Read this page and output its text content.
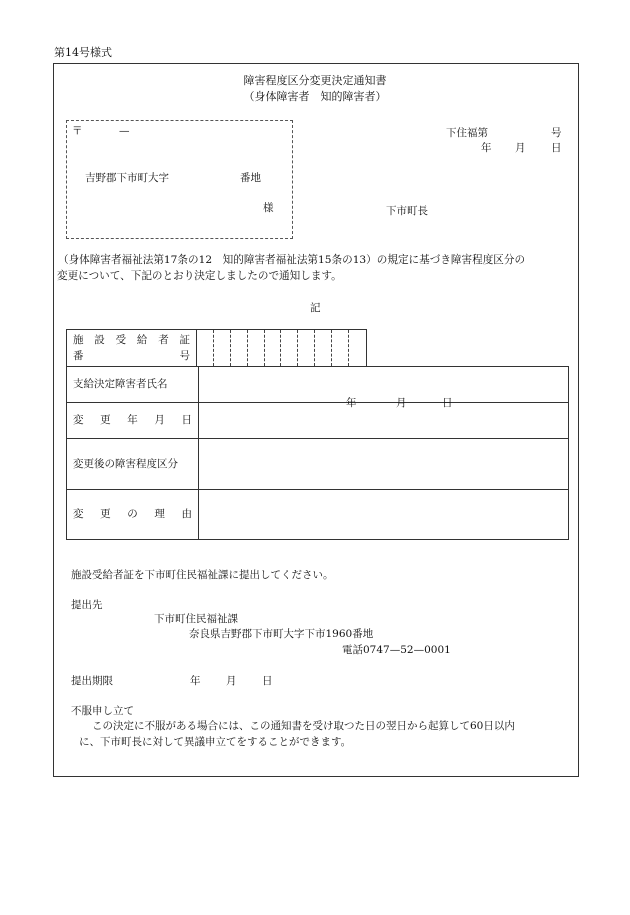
第14号様式
障害程度区分変更決定通知書
（身体障害者　知的障害者）
〒	—
吉野郡下市町大字	番地
様
下住福第	号
年 月 日
下市町長
（身体障害者福祉法第17条の12　知的障害者福祉法第15条の13）の規定に基づき障害程度区分の
変更について、下記のとおり決定しましたので通知します。
記
施 設 受 給 者 証
番	号

支給決定障害者氏名	

変 更 年 月 日	年 月 日

変更後の障害程度区分	

変 更 の 理 由	

施設受給者証を下市町住民福祉課に提出してください。
提出先
下市町住民福祉課
奈良県吉野郡下市町大字下市1960番地
電話0747—52—0001
提出期限	年 月 日
不服申し立て
この決定に不服がある場合には、この通知書を受け取つた日の翌日から起算して60日以内
に、下市町長に対して異議申立てをすることができます。
